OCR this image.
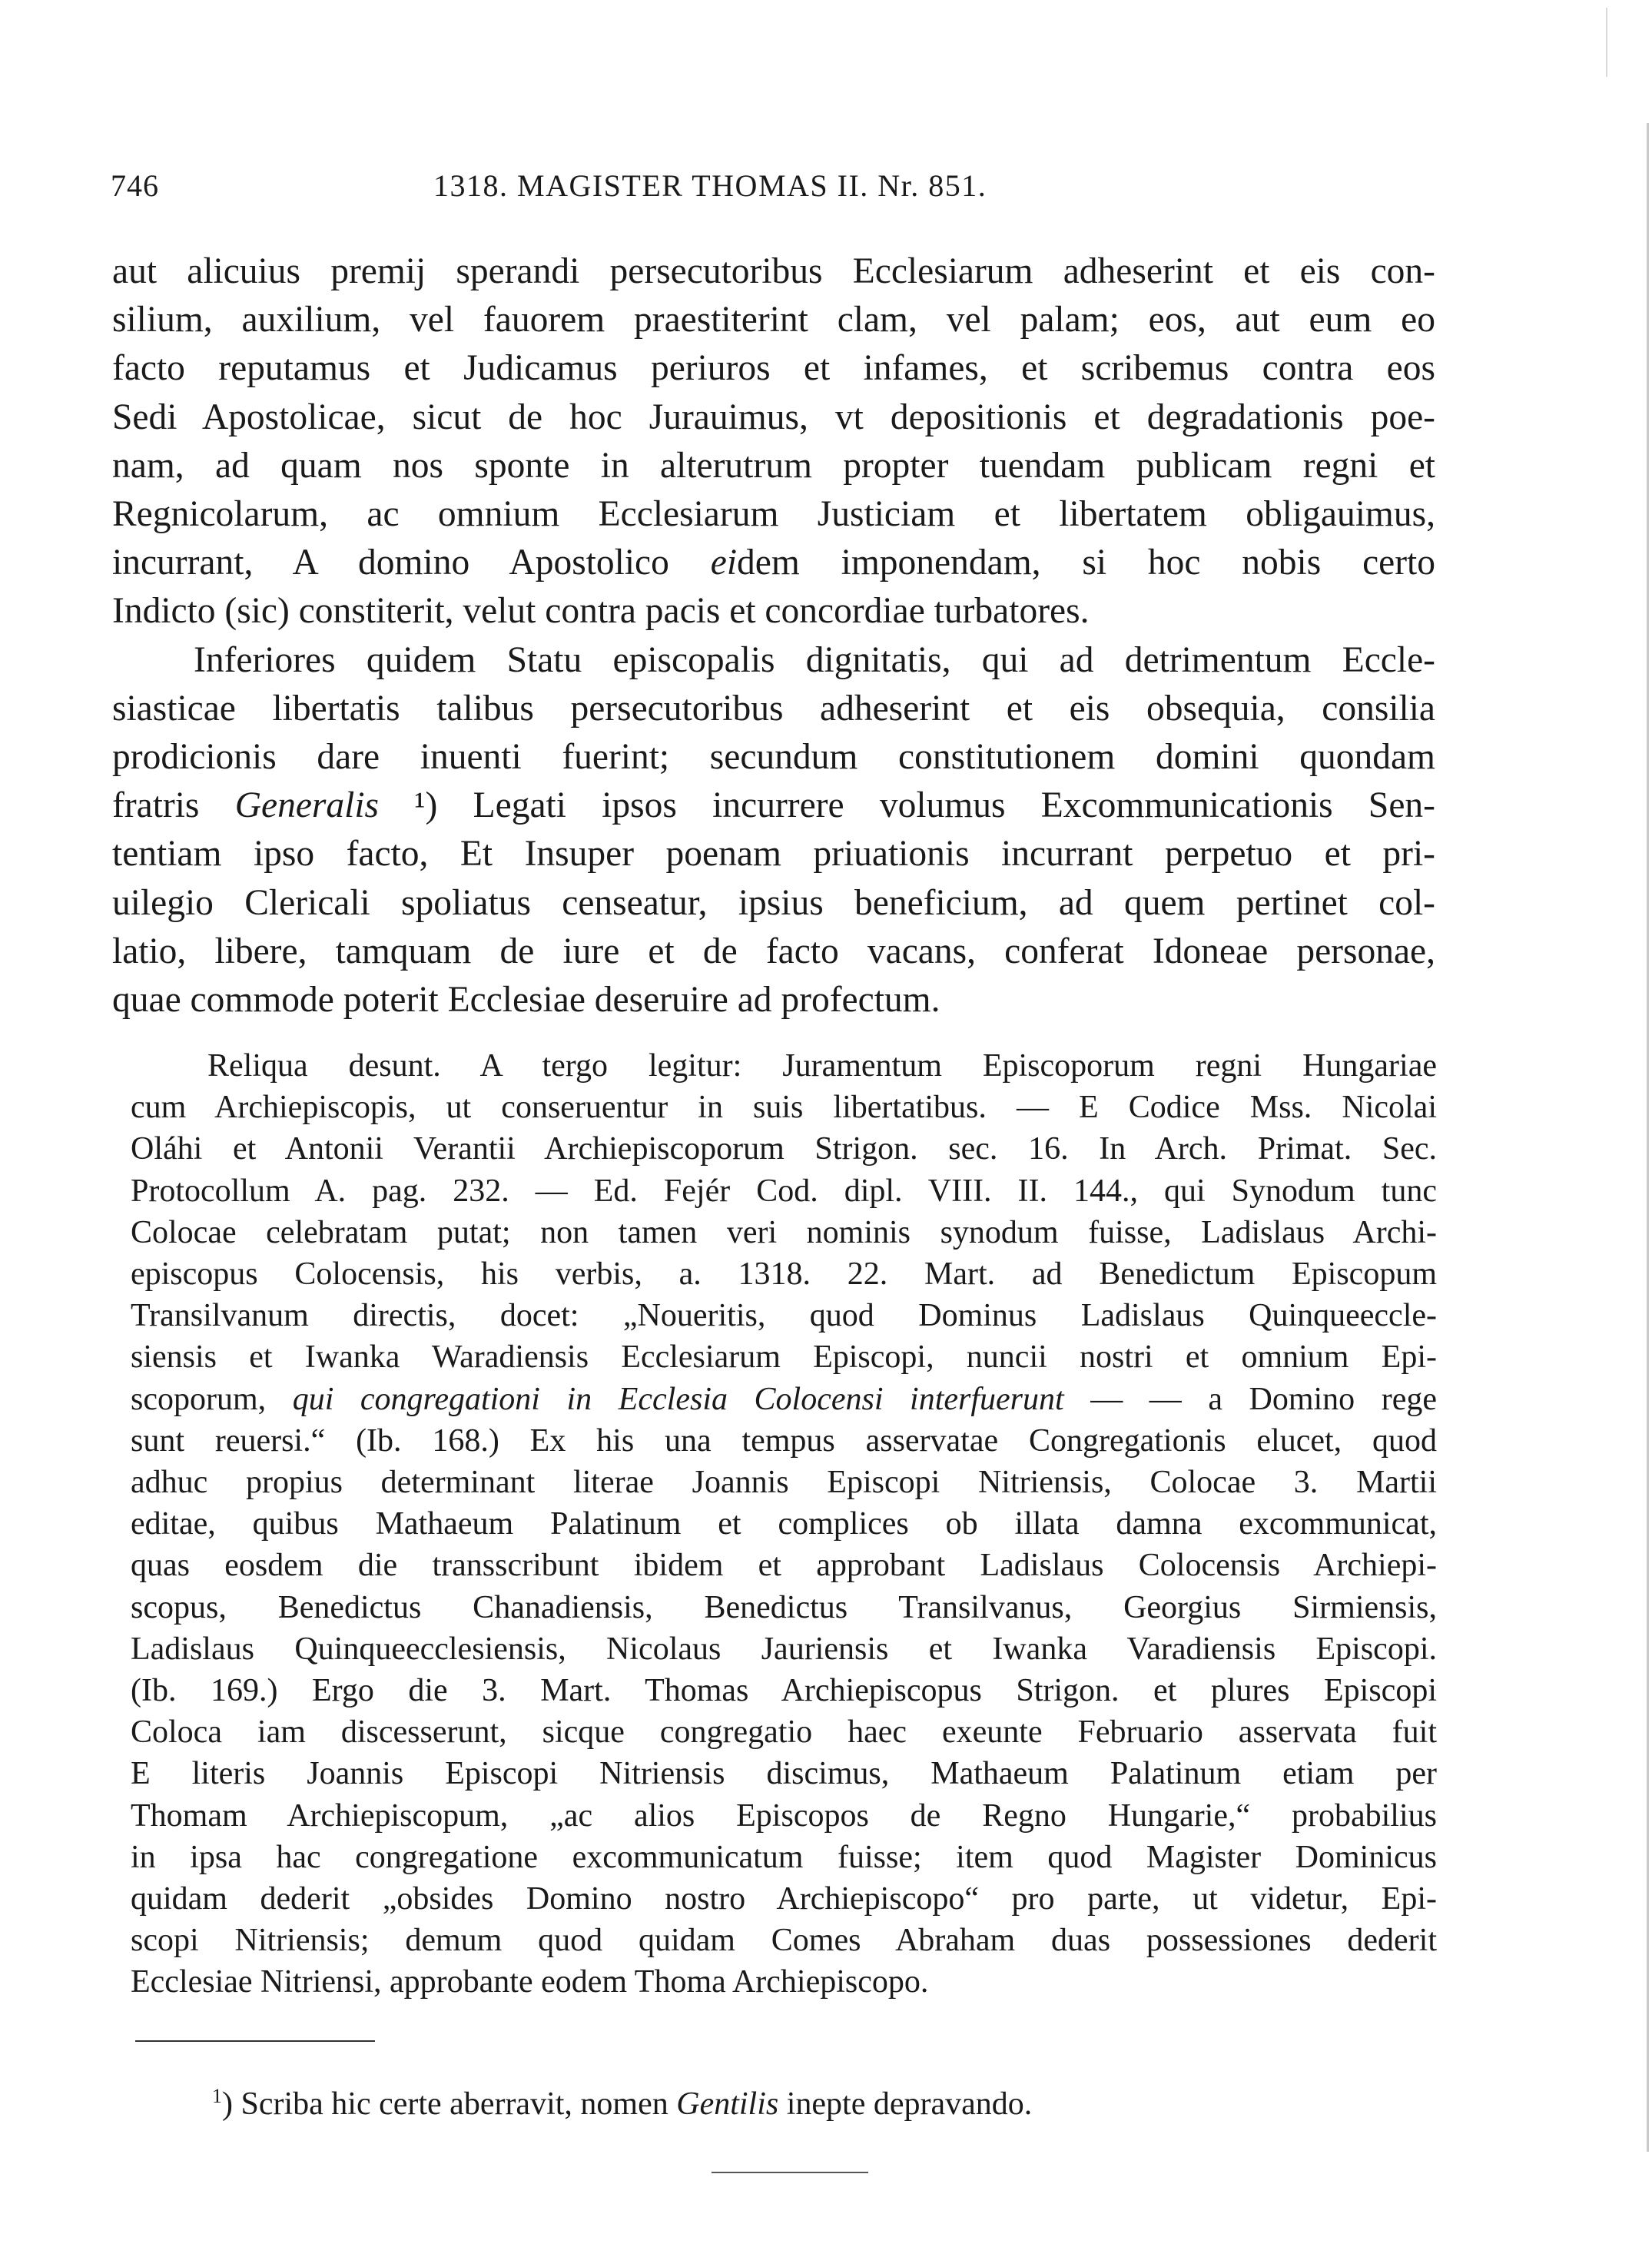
746	1318. MAGISTER THOMAS II. Nr. 851.
aut alicuius premij sperandi persecutoribus Ecclesiarum adheserint et eis con-
silium, auxilium, vel fauorem praestiterint clam, vel palam; eos, aut eum eo
facto reputamus et Judicamus periuros et infames, et scribemus contra eos
Sedi Apostolicae, sicut de hoc Jurauimus, vt depositionis et degradationis poe-
nam, ad quam nos sponte in alterutrum propter tuendam publicam regni et
Regnicolarum, ac omnium Ecclesiarum Justiciam et libertatem obligauimus,
incurrant, A domino Apostolico eidem imponendam, si hoc nobis certo
Indicto (sic) constiterit, velut contra pacis et concordiae turbatores.
Inferiores quidem Statu episcopalis dignitatis, qui ad detrimentum Eccle-
siasticae libertatis talibus persecutoribus adheserint et eis obsequia, consilia
prodicionis dare inuenti fuerint; secundum constitutionem domini quondam
fratris Generalis ¹) Legati ipsos incurrere volumus Excommunicationis Sen-
tentiam ipso facto, Et Insuper poenam priuationis incurrant perpetuo et pri-
uilegio Clericali spoliatus censeatur, ipsius beneficium, ad quem pertinet col-
latio, libere, tamquam de iure et de facto vacans, conferat Idoneae personae,
quae commode poterit Ecclesiae deseruire ad profectum.
Reliqua desunt. A tergo legitur: Juramentum Episcoporum regni Hungariae
cum Archiepiscopis, ut conseruentur in suis libertatibus. — E Codice Mss. Nicolai
Oláhi et Antonii Verantii Archiepiscoporum Strigon. sec. 16. In Arch. Primat. Sec.
Protocollum A. pag. 232. — Ed. Fejér Cod. dipl. VIII. II. 144., qui Synodum tunc
Colocae celebratam putat; non tamen veri nominis synodum fuisse, Ladislaus Archi-
episcopus Colocensis, his verbis, a. 1318. 22. Mart. ad Benedictum Episcopum
Transilvanum directis, docet: „Noueritis, quod Dominus Ladislaus Quinqueeccle-
siensis et Iwanka Waradiensis Ecclesiarum Episcopi, nuncii nostri et omnium Epi-
scoporum, qui congregationi in Ecclesia Colocensi interfuerunt — — a Domino rege
sunt reuersi.“ (Ib. 168.) Ex his una tempus asservatae Congregationis elucet, quod
adhuc propius determinant literae Joannis Episcopi Nitriensis, Colocae 3. Martii
editae, quibus Mathaeum Palatinum et complices ob illata damna excommunicat,
quas eosdem die transscribunt ibidem et approbant Ladislaus Colocensis Archiepi-
scopus, Benedictus Chanadiensis, Benedictus Transilvanus, Georgius Sirmiensis,
Ladislaus Quinqueecclesiensis, Nicolaus Jauriensis et Iwanka Varadiensis Episcopi.
(Ib. 169.) Ergo die 3. Mart. Thomas Archiepiscopus Strigon. et plures Episcopi
Coloca iam discesserunt, sicque congregatio haec exeunte Februario asservata fuit
E literis Joannis Episcopi Nitriensis discimus, Mathaeum Palatinum etiam per
Thomam Archiepiscopum, „ac alios Episcopos de Regno Hungarie,“ probabilius
in ipsa hac congregatione excommunicatum fuisse; item quod Magister Dominicus
quidam dederit „obsides Domino nostro Archiepiscopo“ pro parte, ut videtur, Epi-
scopi Nitriensis; demum quod quidam Comes Abraham duas possessiones dederit
Ecclesiae Nitriensi, approbante eodem Thoma Archiepiscopo.
$^1$) Scriba hic certe aberravit, nomen Gentilis inepte depravando.
